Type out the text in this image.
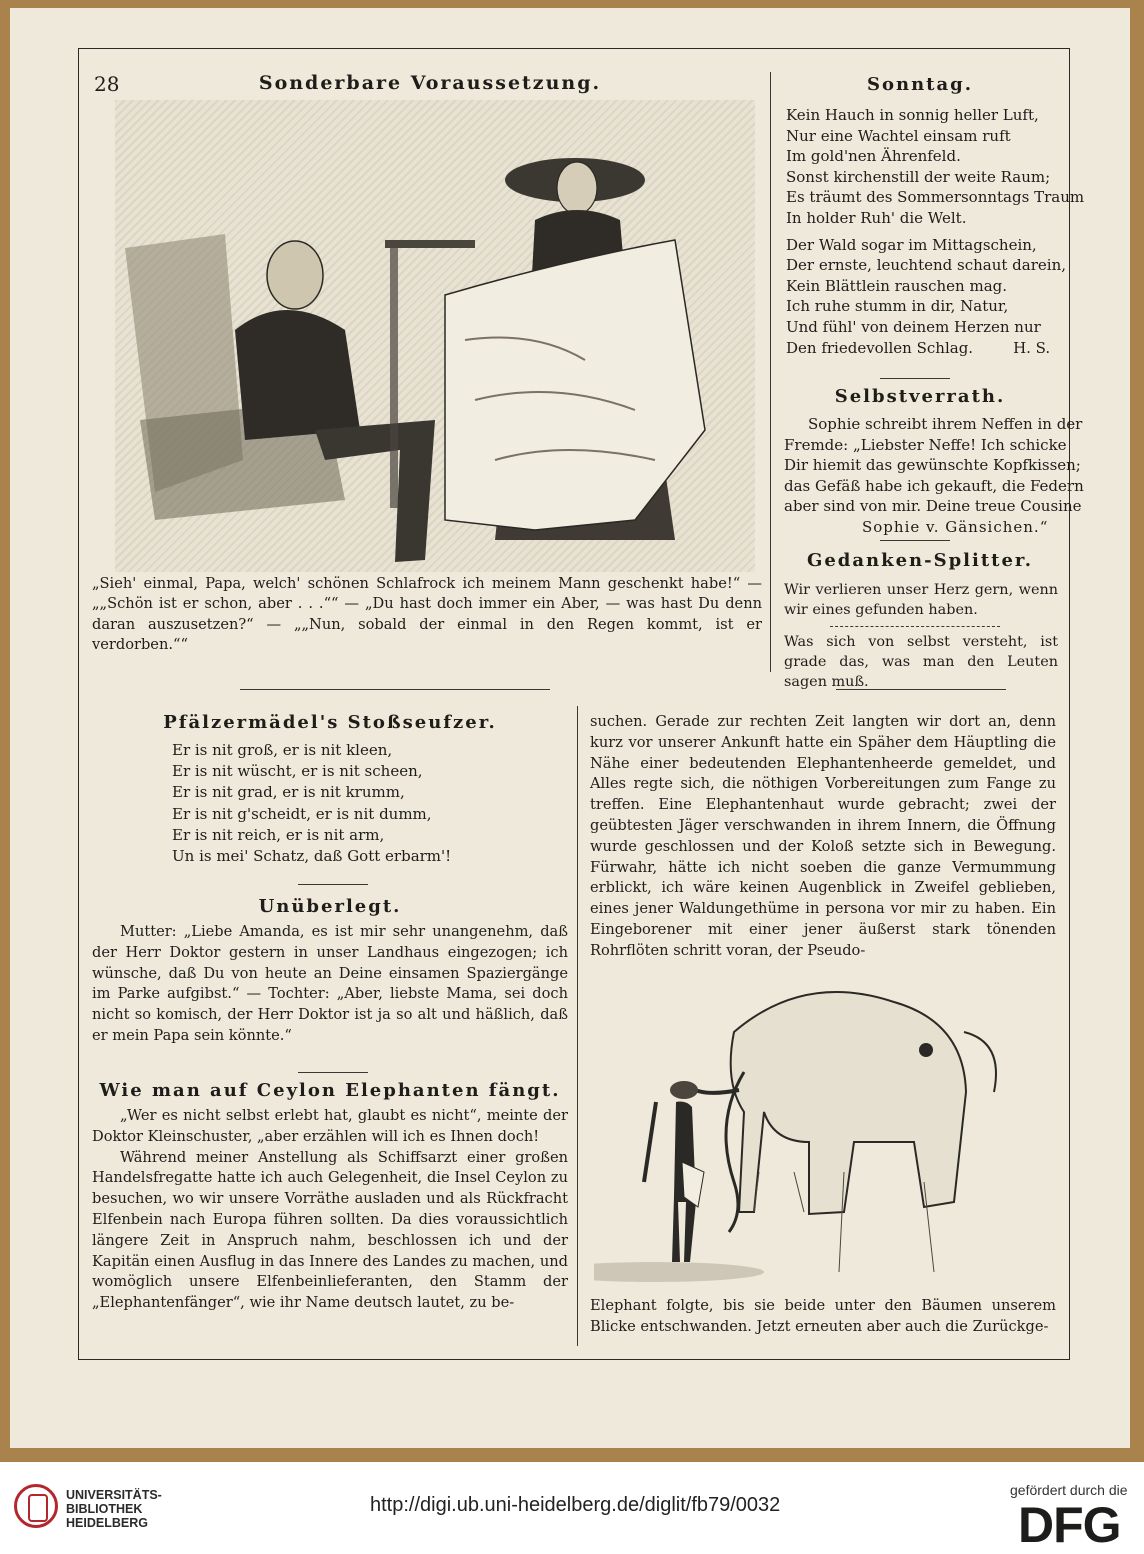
28	Sonderbare Voraussetzung.
„Sieh' einmal, Papa, welch' schönen Schlafrock ich meinem Mann geschenkt habe!“ — „„Schön ist er schon, aber . . .““ — „Du hast doch immer ein Aber, — was hast Du denn daran auszusetzen?“ — „„Nun, sobald der einmal in den Regen kommt, ist er verdorben.““
Sonntag.

Kein Hauch in sonnig heller Luft,

Nur eine Wachtel einsam ruft

Im gold'nen Ährenfeld.

Sonst kirchenstill der weite Raum;

Es träumt des Sommersonntags Traum

In holder Ruh' die Welt.

Der Wald sogar im Mittagschein,

Der ernste, leuchtend schaut darein,

Kein Blättlein rauschen mag.

Ich ruhe stumm in dir, Natur,

Und fühl' von deinem Herzen nur

Den friedevollen Schlag.	H. S.

Selbstverrath.

Sophie schreibt ihrem Neffen in der

Fremde: „Liebster Neffe! Ich schicke

Dir hiemit das gewünschte Kopfkissen;

das Gefäß habe ich gekauft, die Federn

aber sind von mir. Deine treue Cousine

Sophie v. Gänsichen.“

Gedanken-Splitter.
Wir verlieren unser Herz gern, wenn wir eines gefunden haben.
Was sich von selbst versteht, ist grade das, was man den Leuten sagen muß.
Pfälzermädel's Stoßseufzer.

Er is nit groß, er is nit kleen,

Er is nit wüscht, er is nit scheen,

Er is nit grad, er is nit krumm,

Er is nit g'scheidt, er is nit dumm,

Er is nit reich, er is nit arm,

Un is mei' Schatz, daß Gott erbarm'!

Unüberlegt.
Mutter: „Liebe Amanda, es ist mir sehr unangenehm, daß der Herr Doktor gestern in unser Landhaus eingezogen; ich wünsche, daß Du von heute an Deine einsamen Spaziergänge im Parke aufgibst.“ — Tochter: „Aber, liebste Mama, sei doch nicht so komisch, der Herr Doktor ist ja so alt und häßlich, daß er mein Papa sein könnte.“
Wie man auf Ceylon Elephanten fängt.

„Wer es nicht selbst erlebt hat, glaubt es nicht“, meinte der Doktor Kleinschuster, „aber erzählen will ich es Ihnen doch!

Während meiner Anstellung als Schiffsarzt einer großen Handelsfregatte hatte ich auch Gelegenheit, die Insel Ceylon zu besuchen, wo wir unsere Vorräthe ausladen und als Rückfracht Elfenbein nach Europa führen sollten. Da dies voraussichtlich längere Zeit in Anspruch nahm, beschlossen ich und der Kapitän einen Ausflug in das Innere des Landes zu machen, und womöglich unsere Elfenbeinlieferanten, den Stamm der „Elephantenfänger“, wie ihr Name deutsch lautet, zu be-

suchen. Gerade zur rechten Zeit langten wir dort an, denn kurz vor unserer Ankunft hatte ein Späher dem Häuptling die Nähe einer bedeutenden Elephantenheerde gemeldet, und Alles regte sich, die nöthigen Vorbereitungen zum Fange zu treffen. Eine Elephantenhaut wurde gebracht; zwei der geübtesten Jäger verschwanden in ihrem Innern, die Öffnung wurde geschlossen und der Koloß setzte sich in Bewegung. Fürwahr, hätte ich nicht soeben die ganze Vermummung erblickt, ich wäre keinen Augenblick in Zweifel geblieben, eines jener Waldungethüme in persona vor mir zu haben. Ein Eingeborener mit einer jener äußerst stark tönenden Rohrflöten schritt voran, der Pseudo-
Elephant folgte, bis sie beide unter den Bäumen unserem Blicke entschwanden. Jetzt erneuten aber auch die Zurückge-
UNIVERSITÄTS-
BIBLIOTHEK
HEIDELBERG
http://digi.ub.uni-heidelberg.de/diglit/fb79/0032
gefördert durch die
DFG
